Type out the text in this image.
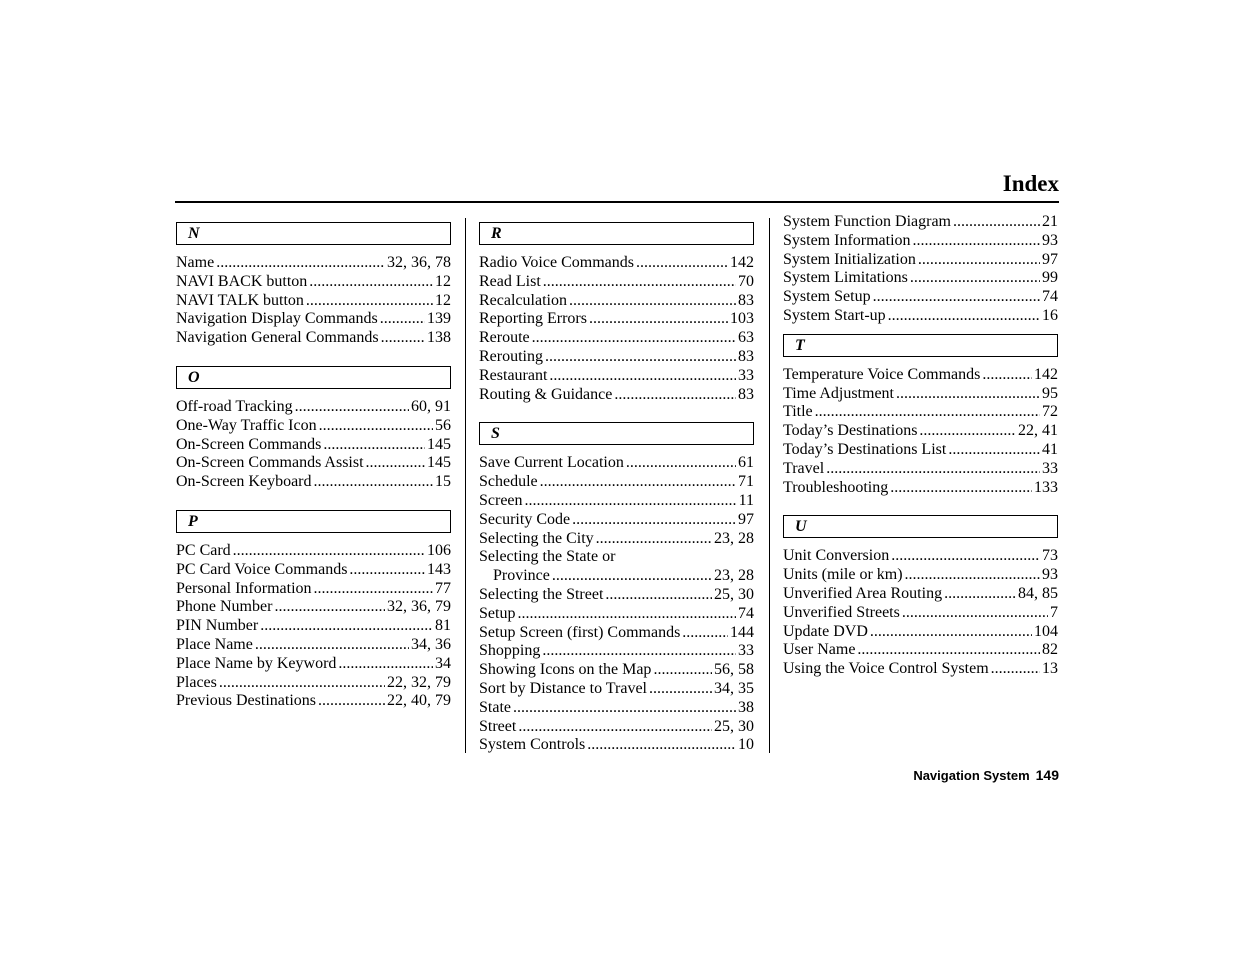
Index
N
Name .....	32, 36, 78
NAVI BACK button .....	12
NAVI TALK button .....	12
Navigation Display Commands .....	139
Navigation General Commands .....	138
O
Off-road Tracking .....	60, 91
One-Way Traffic Icon .....	56
On-Screen Commands .....	145
On-Screen Commands Assist .....	145
On-Screen Keyboard .....	15
P
PC Card .....	106
PC Card Voice Commands .....	143
Personal Information .....	77
Phone Number .....	32, 36, 79
PIN Number .....	81
Place Name .....	34, 36
Place Name by Keyword .....	34
Places .....	22, 32, 79
Previous Destinations .....	22, 40, 79
R
Radio Voice Commands .....	142
Read List .....	70
Recalculation .....	83
Reporting Errors .....	103
Reroute .....	63
Rerouting .....	83
Restaurant .....	33
Routing & Guidance .....	83
S
Save Current Location .....	61
Schedule .....	71
Screen .....	11
Security Code .....	97
Selecting the City .....	23, 28
Selecting the State or
Province .....	23, 28
Selecting the Street .....	25, 30
Setup .....	74
Setup Screen (first) Commands .....	144
Shopping .....	33
Showing Icons on the Map .....	56, 58
Sort by Distance to Travel .....	34, 35
State .....	38
Street .....	25, 30
System Controls .....	10
System Function Diagram .....	21
System Information .....	93
System Initialization .....	97
System Limitations .....	99
System Setup .....	74
System Start-up .....	16
T
Temperature Voice Commands .....	142
Time Adjustment .....	95
Title .....	72
Today’s Destinations .....	22, 41
Today’s Destinations List .....	41
Travel .....	33
Troubleshooting .....	133
U
Unit Conversion .....	73
Units (mile or km) .....	93
Unverified Area Routing .....	84, 85
Unverified Streets .....	7
Update DVD .....	104
User Name .....	82
Using the Voice Control System .....	13
Navigation System 149
